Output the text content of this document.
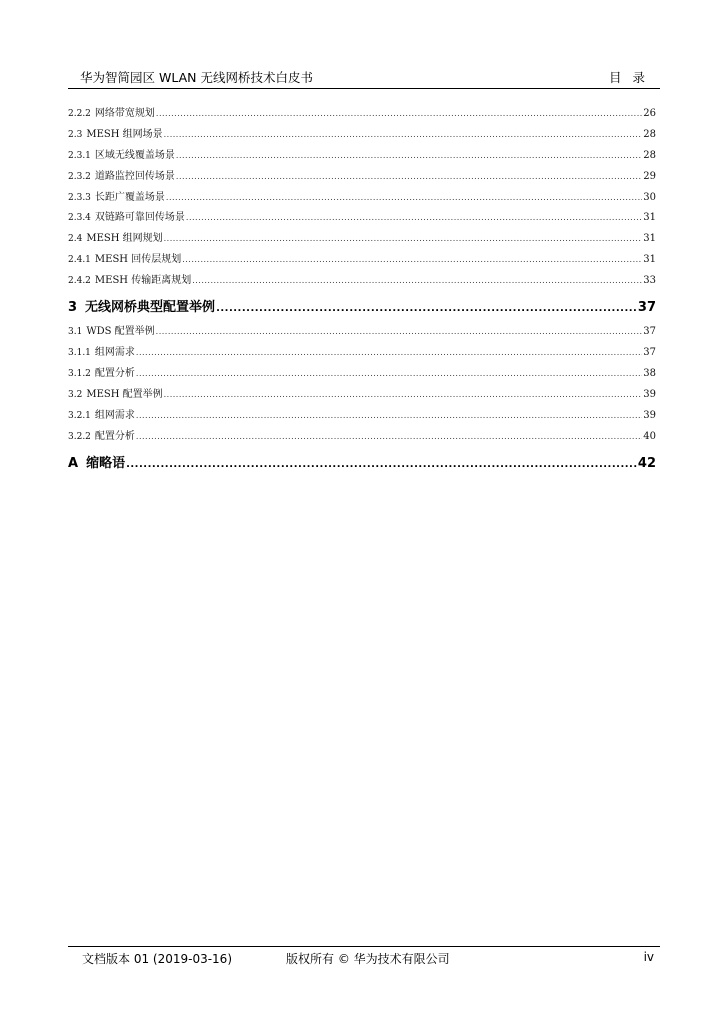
华为智简园区 WLAN 无线网桥技术白皮书	目录
2.2.2 网络带宽规划 .....	26
2.3 MESH 组网场景 .....	28
2.3.1 区域无线覆盖场景 .....	28
2.3.2 道路监控回传场景 .....	29
2.3.3 长距广覆盖场景 .....	30
2.3.4 双链路可靠回传场景 .....	31
2.4 MESH 组网规划 .....	31
2.4.1 MESH 回传层规划 .....	31
2.4.2 MESH 传输距离规划 .....	33
3 无线网桥典型配置举例 .....	37
3.1 WDS 配置举例 .....	37
3.1.1 组网需求 .....	37
3.1.2 配置分析 .....	38
3.2 MESH 配置举例 .....	39
3.2.1 组网需求 .....	39
3.2.2 配置分析 .....	40
A 缩略语 .....	42
文档版本 01 (2019-03-16)	版权所有 © 华为技术有限公司	iv
